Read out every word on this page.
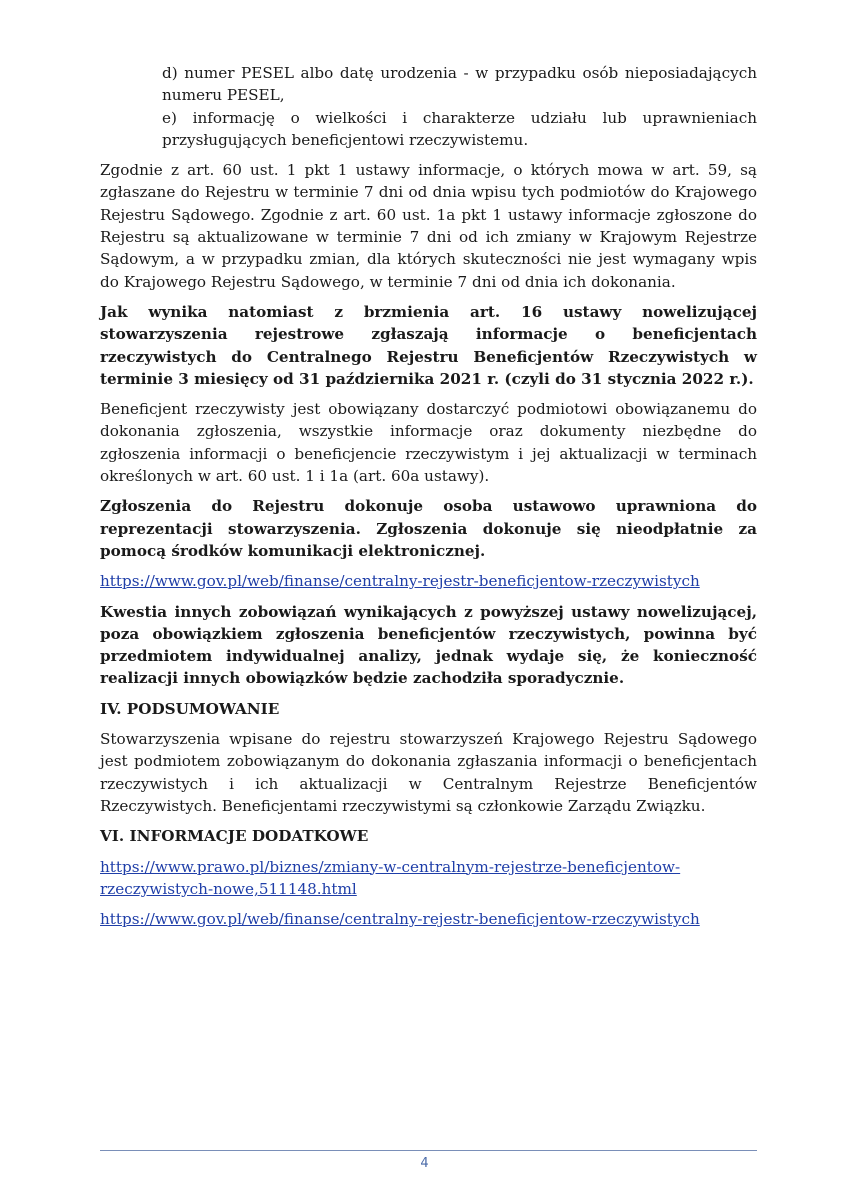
d) numer PESEL albo datę urodzenia - w przypadku osób nieposiadających numeru PESEL,

e) informację o wielkości i charakterze udziału lub uprawnieniach przysługujących beneficjentowi rzeczywistemu.

Zgodnie z art. 60 ust. 1 pkt 1 ustawy informacje, o których mowa w art. 59, są zgłaszane do Rejestru w terminie 7 dni od dnia wpisu tych podmiotów do Krajowego Rejestru Sądowego. Zgodnie z art. 60 ust. 1a pkt 1 ustawy informacje zgłoszone do Rejestru są aktualizowane w terminie 7 dni od ich zmiany w Krajowym Rejestrze Sądowym, a w przypadku zmian, dla których skuteczności nie jest wymagany wpis do Krajowego Rejestru Sądowego, w terminie 7 dni od dnia ich dokonania.

Jak wynika natomiast z brzmienia art. 16 ustawy nowelizującej stowarzyszenia rejestrowe zgłaszają informacje o beneficjentach rzeczywistych do Centralnego Rejestru Beneficjentów Rzeczywistych w terminie 3 miesięcy od 31 października 2021 r. (czyli do 31 stycznia 2022 r.).

Beneficjent rzeczywisty jest obowiązany dostarczyć podmiotowi obowiązanemu do dokonania zgłoszenia, wszystkie informacje oraz dokumenty niezbędne do zgłoszenia informacji o beneficjencie rzeczywistym i jej aktualizacji w terminach określonych w art. 60 ust. 1 i 1a (art. 60a ustawy).

Zgłoszenia do Rejestru dokonuje osoba ustawowo uprawniona do reprezentacji stowarzyszenia. Zgłoszenia dokonuje się nieodpłatnie za pomocą środków komunikacji elektronicznej.

https://www.gov.pl/web/finanse/centralny-rejestr-beneficjentow-rzeczywistych

Kwestia innych zobowiązań wynikających z powyższej ustawy nowelizującej, poza obowiązkiem zgłoszenia beneficjentów rzeczywistych, powinna być przedmiotem indywidualnej analizy, jednak wydaje się, że konieczność realizacji innych obowiązków będzie zachodziła sporadycznie.

IV. PODSUMOWANIE

Stowarzyszenia wpisane do rejestru stowarzyszeń Krajowego Rejestru Sądowego jest podmiotem zobowiązanym do dokonania zgłaszania informacji o beneficjentach rzeczywistych i ich aktualizacji w Centralnym Rejestrze Beneficjentów Rzeczywistych. Beneficjentami rzeczywistymi są członkowie Zarządu Związku.

VI. INFORMACJE DODATKOWE

https://www.prawo.pl/biznes/zmiany-w-centralnym-rejestrze-beneficjentow-rzeczywistych-nowe,511148.html
https://www.gov.pl/web/finanse/centralny-rejestr-beneficjentow-rzeczywistych
4
